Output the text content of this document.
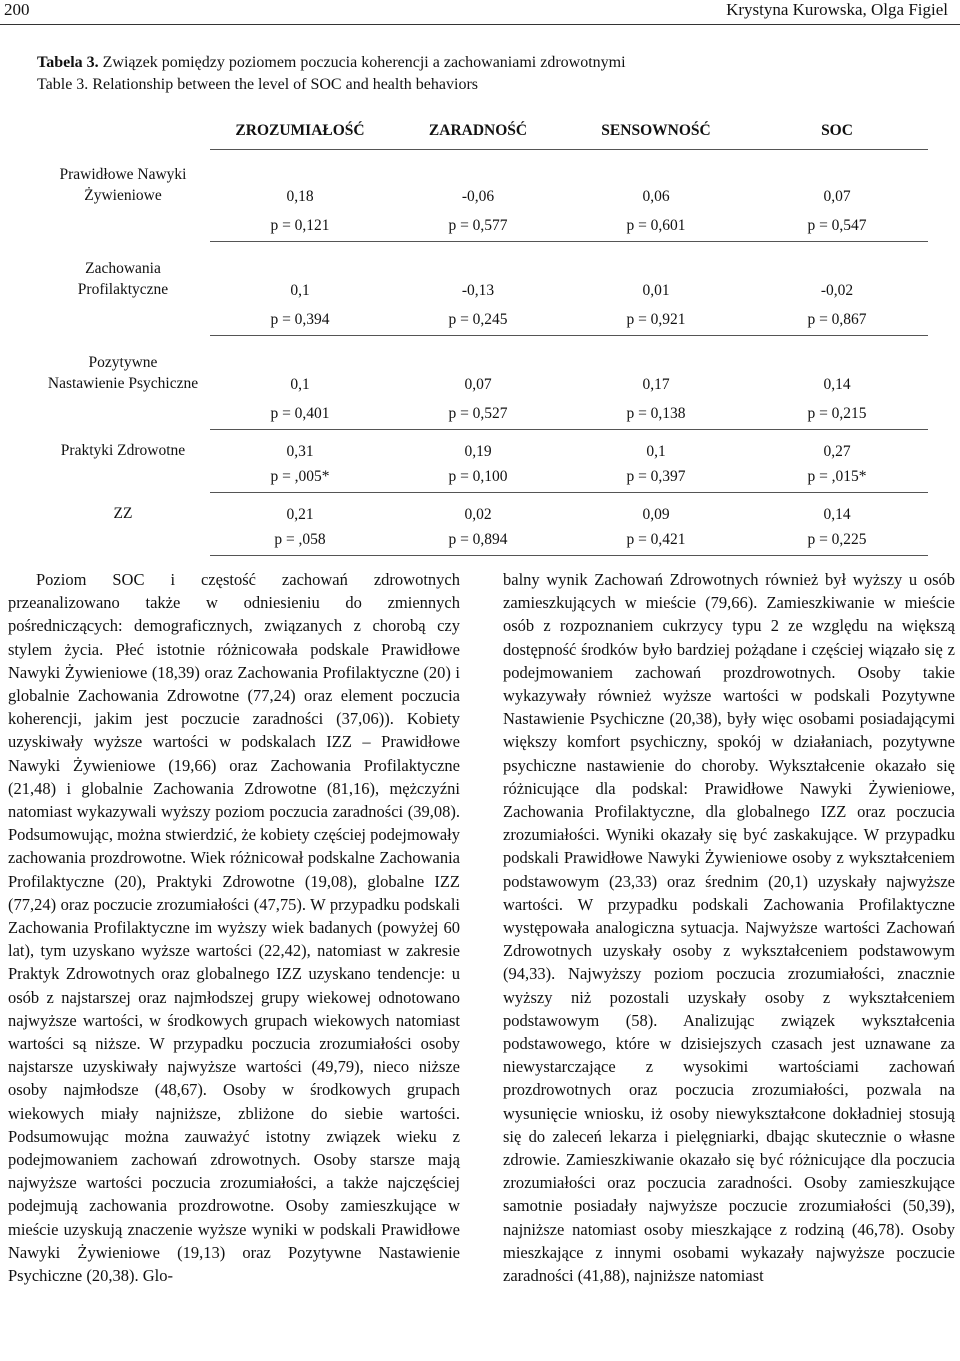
200	Krystyna Kurowska, Olga Figiel
Tabela 3. Związek pomiędzy poziomem poczucia koherencji a zachowaniami zdrowotnymi
Table 3. Relationship between the level of SOC and health behaviors
	ZROZUMIAŁOŚĆ	ZARADNOŚĆ	SENSOWNOŚĆ	SOC

Prawidłowe Nawyki
Żywieniowe	0,18	-0,06	0,06	0,07
	p = 0,121	p = 0,577	p = 0,601	p = 0,547

Zachowania
Profilaktyczne	0,1	-0,13	0,01	-0,02
	p = 0,394	p = 0,245	p = 0,921	p = 0,867

Pozytywne
Nastawienie Psychiczne	0,1	0,07	0,17	0,14
	p = 0,401	p = 0,527	p = 0,138	p = 0,215

Praktyki Zdrowotne	0,31	0,19	0,1	0,27
	p = ,005*	p = 0,100	p = 0,397	p = ,015*

ZZ	0,21	0,02	0,09	0,14
	p = ,058	p = 0,894	p = 0,421	p = 0,225

Poziom SOC i częstość zachowań zdrowotnych przeanalizowano także w odniesieniu do zmiennych pośredniczących: demograficznych, związanych z chorobą czy stylem życia. Płeć istotnie różnicowała podskale Prawidłowe Nawyki Żywieniowe (18,39) oraz Zachowania Profilaktyczne (20) i globalnie Zachowania Zdrowotne (77,24) oraz element poczucia koherencji, jakim jest poczucie zaradności (37,06)). Kobiety uzyskiwały wyższe wartości w podskalach IZZ – Prawidłowe Nawyki Żywieniowe (19,66) oraz Zachowania Profilaktyczne (21,48) i globalnie Zachowania Zdrowotne (81,16), mężczyźni natomiast wykazywali wyższy poziom poczucia zaradności (39,08). Podsumowując, można stwierdzić, że kobiety częściej podejmowały zachowania prozdrowotne. Wiek różnicował podskalne Zachowania Profilaktyczne (20), Praktyki Zdrowotne (19,08), globalne IZZ (77,24) oraz poczucie zrozumiałości (47,75). W przypadku podskali Zachowania Profilaktyczne im wyższy wiek badanych (powyżej 60 lat), tym uzyskano wyższe wartości (22,42), natomiast w zakresie Praktyk Zdrowotnych oraz globalnego IZZ uzyskano tendencje: u osób z najstarszej oraz najmłodszej grupy wiekowej odnotowano najwyższe wartości, w środkowych grupach wiekowych natomiast wartości są niższe. W przypadku poczucia zrozumiałości osoby najstarsze uzyskiwały najwyższe wartości (49,79), nieco niższe osoby najmłodsze (48,67). Osoby w środkowych grupach wiekowych miały najniższe, zbliżone do siebie wartości. Podsumowując można zauważyć istotny związek wieku z podejmowaniem zachowań zdrowotnych. Osoby starsze mają najwyższe wartości poczucia zrozumiałości, a także najczęściej podejmują zachowania prozdrowotne. Osoby zamieszkujące w mieście uzyskują znaczenie wyższe wyniki w podskali Prawidłowe Nawyki Żywieniowe (19,13) oraz Pozytywne Nastawienie Psychiczne (20,38). Glo-

balny wynik Zachowań Zdrowotnych również był wyższy u osób zamieszkujących w mieście (79,66). Zamieszkiwanie w mieście osób z rozpoznaniem cukrzycy typu 2 ze względu na większą dostępność środków było bardziej pożądane i częściej wiązało się z podejmowaniem zachowań prozdrowotnych. Osoby takie wykazywały również wyższe wartości w podskali Pozytywne Nastawienie Psychiczne (20,38), były więc osobami posiadającymi większy komfort psychiczny, spokój w działaniach, pozytywne psychiczne nastawienie do choroby. Wykształcenie okazało się różnicujące dla podskal: Prawidłowe Nawyki Żywieniowe, Zachowania Profilaktyczne, dla globalnego IZZ oraz poczucia zrozumiałości. Wyniki okazały się być zaskakujące. W przypadku podskali Prawidłowe Nawyki Żywieniowe osoby z wykształceniem podstawowym (23,33) oraz średnim (20,1) uzyskały najwyższe wartości. W przypadku podskali Zachowania Profilaktyczne występowała analogiczna sytuacja. Najwyższe wartości Zachowań Zdrowotnych uzyskały osoby z wykształceniem podstawowym (94,33). Najwyższy poziom poczucia zrozumiałości, znacznie wyższy niż pozostali uzyskały osoby z wykształceniem podstawowym (58). Analizując związek wykształcenia podstawowego, które w dzisiejszych czasach jest uznawane za niewystarczające z wysokimi wartościami zachowań prozdrowotnych oraz poczucia zrozumiałości, pozwala na wysunięcie wniosku, iż osoby niewykształcone dokładniej stosują się do zaleceń lekarza i pielęgniarki, dbając skutecznie o własne zdrowie. Zamieszkiwanie okazało się być różnicujące dla poczucia zrozumiałości oraz poczucia zaradności. Osoby zamieszkujące samotnie posiadały najwyższe poczucie zrozumiałości (50,39), najniższe natomiast osoby mieszkające z rodziną (46,78). Osoby mieszkające z innymi osobami wykazały najwyższe poczucie zaradności (41,88), najniższe natomiast
